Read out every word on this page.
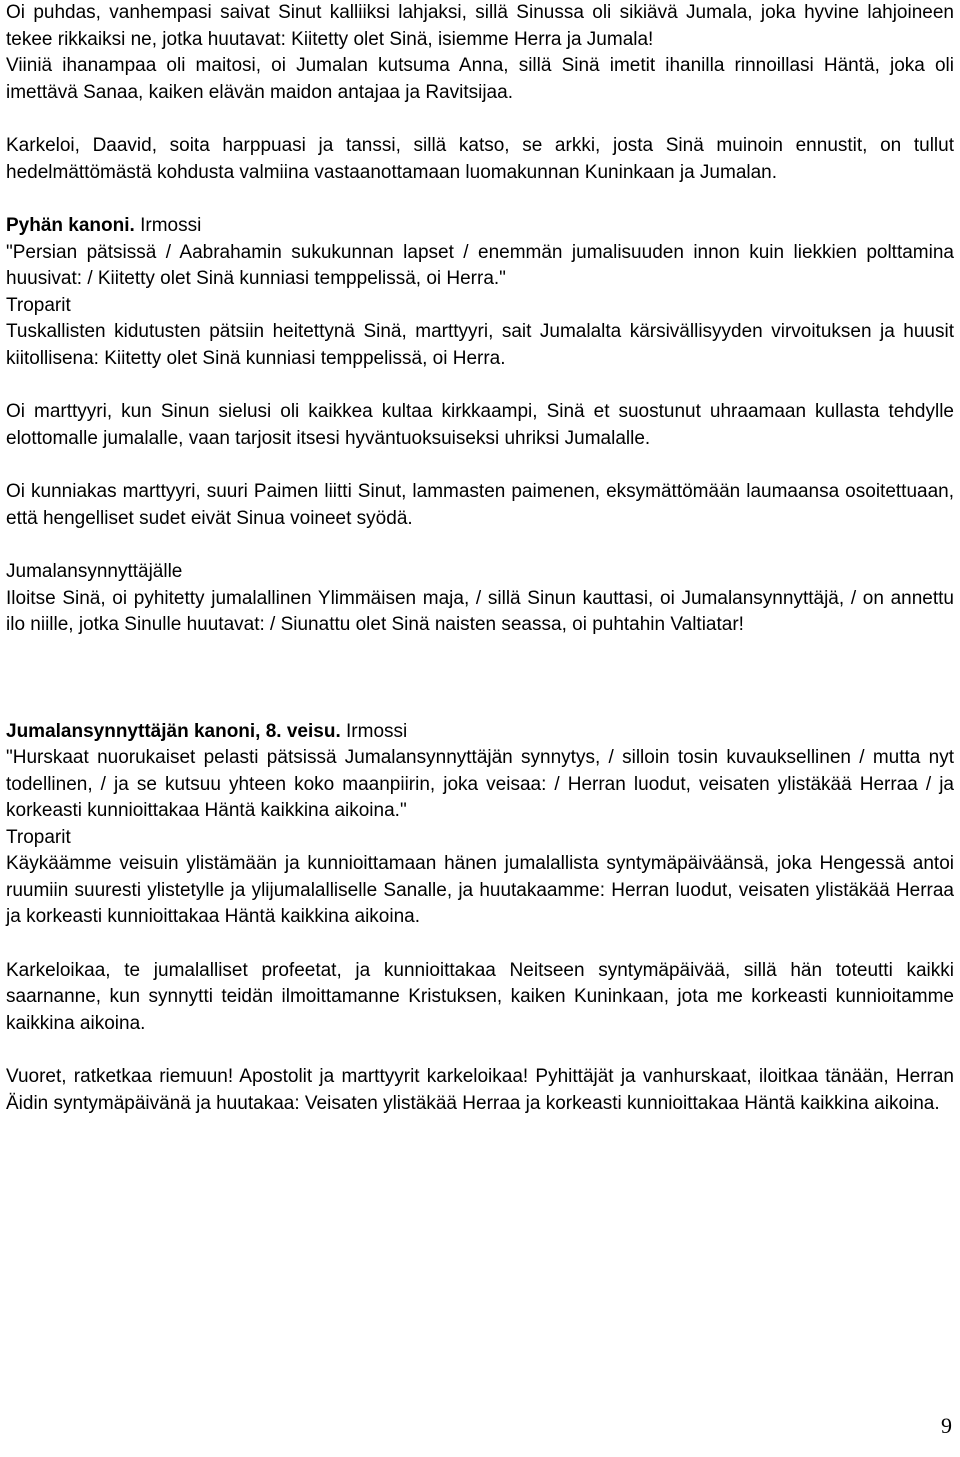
Oi puhdas, vanhempasi saivat Sinut kalliiksi lahjaksi, sillä Sinussa oli sikiävä Jumala, joka hyvine lahjoineen tekee rikkaiksi ne, jotka huutavat: Kiitetty olet Sinä, isiemme Herra ja Jumala!

Viiniä ihanampaa oli maitosi, oi Jumalan kutsuma Anna, sillä Sinä imetit ihanilla rinnoillasi Häntä, joka oli imettävä Sanaa, kaiken elävän maidon antajaa ja Ravitsijaa.

Karkeloi, Daavid, soita harppuasi ja tanssi, sillä katso, se arkki, josta Sinä muinoin ennustit, on tullut hedelmättömästä kohdusta valmiina vastaanottamaan luomakunnan Kuninkaan ja Jumalan.

Pyhän kanoni. Irmossi

"Persian pätsissä / Aabrahamin sukukunnan lapset / enemmän jumalisuuden innon kuin liekkien polttamina huusivat: / Kiitetty olet Sinä kunniasi temppelissä, oi Herra."

Troparit

Tuskallisten kidutusten pätsiin heitettynä Sinä, marttyyri, sait Jumalalta kärsivällisyyden virvoituksen ja huusit kiitollisena: Kiitetty olet Sinä kunniasi temppelissä, oi Herra.

Oi marttyyri, kun Sinun sielusi oli kaikkea kultaa kirkkaampi, Sinä et suostunut uhraamaan kullasta tehdylle elottomalle jumalalle, vaan tarjosit itsesi hyväntuoksuiseksi uhriksi Jumalalle.

Oi kunniakas marttyyri, suuri Paimen liitti Sinut, lammasten paimenen, eksymättömään laumaansa osoitettuaan, että hengelliset sudet eivät Sinua voineet syödä.

Jumalansynnyttäjälle

Iloitse Sinä, oi pyhitetty jumalallinen Ylimmäisen maja, / sillä Sinun kauttasi, oi Jumalansynnyttäjä, / on annettu ilo niille, jotka Sinulle huutavat: / Siunattu olet Sinä naisten seassa, oi puhtahin Valtiatar!

Jumalansynnyttäjän kanoni, 8. veisu. Irmossi

"Hurskaat nuorukaiset pelasti pätsissä Jumalansynnyttäjän synnytys, / silloin tosin kuvauksellinen / mutta nyt todellinen, / ja se kutsuu yhteen koko maanpiirin, joka veisaa: / Herran luodut, veisaten ylistäkää Herraa / ja korkeasti kunnioittakaa Häntä kaikkina aikoina."

Troparit

Käykäämme veisuin ylistämään ja kunnioittamaan hänen jumalallista syntymäpäiväänsä, joka Hengessä antoi ruumiin suuresti ylistetylle ja ylijumalalliselle Sanalle, ja huutakaamme: Herran luodut, veisaten ylistäkää Herraa ja korkeasti kunnioittakaa Häntä kaikkina aikoina.

Karkeloikaa, te jumalalliset profeetat, ja kunnioittakaa Neitseen syntymäpäivää, sillä hän toteutti kaikki saarnanne, kun synnytti teidän ilmoittamanne Kristuksen, kaiken Kuninkaan, jota me korkeasti kunnioitamme kaikkina aikoina.

Vuoret, ratketkaa riemuun! Apostolit ja marttyyrit karkeloikaa! Pyhittäjät ja vanhurskaat, iloitkaa tänään, Herran Äidin syntymäpäivänä ja huutakaa: Veisaten ylistäkää Herraa ja korkeasti kunnioittakaa Häntä kaikkina aikoina.

9
